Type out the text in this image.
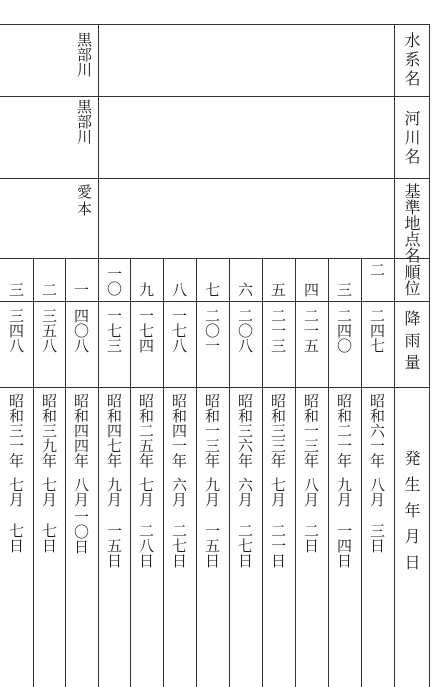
水系名
河川名
基準地点名
順位
降雨量
発生年月日
黒部川
黒部川
愛本
二
二四七
昭和六一年
八月
三日
三
二四〇
昭和二一年
九月
一四日
四
二一五
昭和一三年
八月
二日
五
二一三
昭和三三年
七月
二一日
六
二〇八
昭和三六年
六月
二七日
七
二〇一
昭和一三年
九月
一五日
八
一七八
昭和四一年
六月
二七日
九
一七四
昭和二五年
七月
二八日
一〇
一七三
昭和四七年
九月
一五日
一
四〇八
昭和四四年
八月
一〇日
二
三五八
昭和三九年
七月
七日
三
三四八
昭和三一年
七月
七日
